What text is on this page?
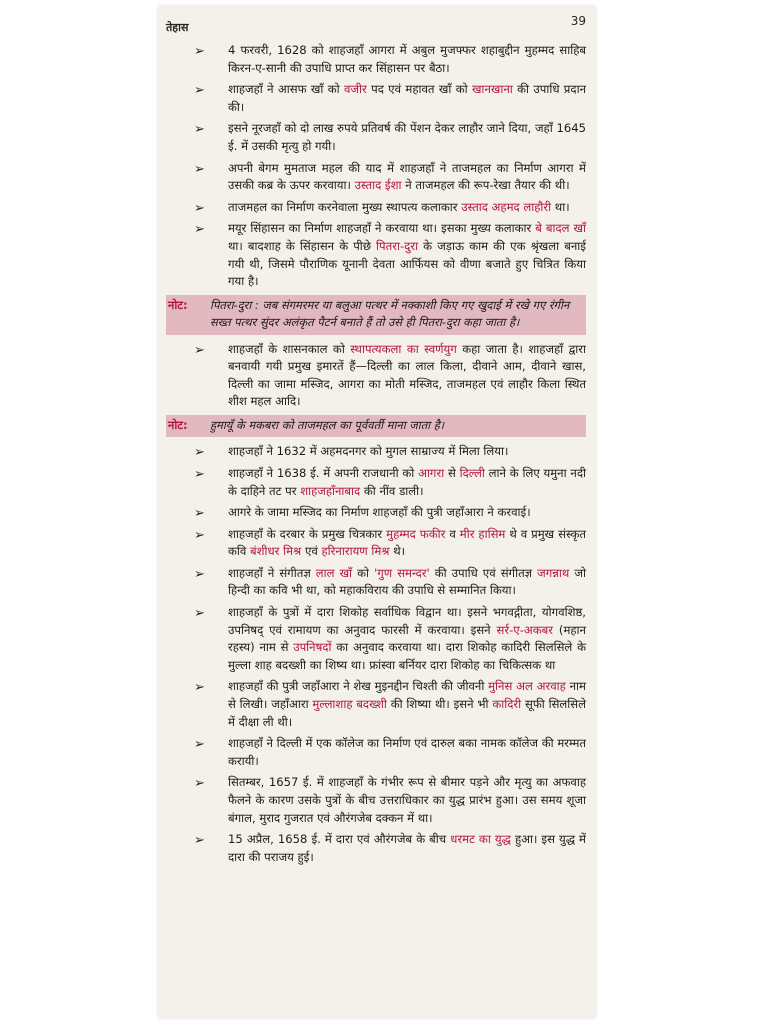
तेहास	39
➢ 4 फरवरी, 1628 को शाहजहाँ आगरा में अबुल मुजफ्फर शहाबुद्दीन मुहम्मद साहिब किरन-ए-सानी की उपाधि प्राप्त कर सिंहासन पर बैठा।
➢ शाहजहाँ ने आसफ खाँ को वजीर पद एवं महावत खाँ को खानखाना की उपाधि प्रदान की।
➢ इसने नूरजहाँ को दो लाख रुपये प्रतिवर्ष की पेंशन देकर लाहौर जाने दिया, जहाँ 1645 ई. में उसकी मृत्यु हो गयी।
➢ अपनी बेगम मुमताज महल की याद में शाहजहाँ ने ताजमहल का निर्माण आगरा में उसकी कब्र के ऊपर करवाया। उस्ताद ईशा ने ताजमहल की रूप-रेखा तैयार की थी।
➢ ताजमहल का निर्माण करनेवाला मुख्य स्थापत्य कलाकार उस्ताद अहमद लाहौरी था।
➢ मयूर सिंहासन का निर्माण शाहजहाँ ने करवाया था। इसका मुख्य कलाकार बे बादल खाँ था। बादशाह के सिंहासन के पीछे पितरा-दुरा के जड़ाऊ काम की एक श्रृंखला बनाई गयी थी, जिसमे पौराणिक यूनानी देवता आर्फियस को वीणा बजाते हुए चित्रित किया गया है।
नोट: पितरा-दुरा : जब संगमरमर या बलुआ पत्थर में नक्काशी किए गए खुदाई में रखे गए रंगीन सख्त पत्थर सुंदर अलंकृत पैटर्न बनाते हैं तो उसे ही पितरा-दुरा कहा जाता है।
➢ शाहजहाँ के शासनकाल को स्थापत्यकला का स्वर्णयुग कहा जाता है। शाहजहाँ द्वारा बनवायी गयी प्रमुख इमारतें हैं—दिल्ली का लाल किला, दीवाने आम, दीवाने खास, दिल्ली का जामा मस्जिद, आगरा का मोती मस्जिद, ताजमहल एवं लाहौर किला स्थित शीश महल आदि।
नोट: हुमायूँ के मकबरा को ताजमहल का पूर्ववर्ती माना जाता है।
➢ शाहजहाँ ने 1632 में अहमदनगर को मुगल साम्राज्य में मिला लिया।
➢ शाहजहाँ ने 1638 ई. में अपनी राजधानी को आगरा से दिल्ली लाने के लिए यमुना नदी के दाहिने तट पर शाहजहाँनाबाद की नींव डाली।
➢ आगरे के जामा मस्जिद का निर्माण शाहजहाँ की पुत्री जहाँआरा ने करवाई।
➢ शाहजहाँ के दरबार के प्रमुख चित्रकार मुहम्मद फकीर व मीर हासिम थे व प्रमुख संस्कृत कवि बंशीधर मिश्र एवं हरिनारायण मिश्र थे।
➢ शाहजहाँ ने संगीतज्ञ लाल खाँ को 'गुण समन्दर' की उपाधि एवं संगीतज्ञ जगन्नाथ जो हिन्दी का कवि भी था, को महाकविराय की उपाधि से सम्मानित किया।
➢ शाहजहाँ के पुत्रों में दारा शिकोह सर्वाधिक विद्वान था। इसने भगवद्गीता, योगवशिष्ठ, उपनिषद् एवं रामायण का अनुवाद फारसी में करवाया। इसने सर्र-ए-अकबर (महान रहस्य) नाम से उपनिषदों का अनुवाद करवाया था। दारा शिकोह कादिरी सिलसिले के मुल्ला शाह बदख्शी का शिष्य था। फ्रांस्वा बर्नियर दारा शिकोह का चिकित्सक था
➢ शाहजहाँ की पुत्री जहाँआरा ने शेख मुइनद्दीन चिश्ती की जीवनी मुनिस अल अरवाह नाम से लिखी। जहाँआरा मुल्लाशाह बदख्शी की शिष्या थी। इसने भी कादिरी सूफी सिलसिले में दीक्षा ली थी।
➢ शाहजहाँ ने दिल्ली में एक कॉलेज का निर्माण एवं दारुल बका नामक कॉलेज की मरम्मत करायी।
➢ सितम्बर, 1657 ई. में शाहजहाँ के गंभीर रूप से बीमार पड़ने और मृत्यु का अफवाह फैलने के कारण उसके पुत्रों के बीच उत्तराधिकार का युद्ध प्रारंभ हुआ। उस समय शूजा बंगाल, मुराद गुजरात एवं औरंगजेब दक्कन में था।
➢ 15 अप्रैल, 1658 ई. में दारा एवं औरंगजेब के बीच धरमट का युद्ध हुआ। इस युद्ध में दारा की पराजय हुई।
